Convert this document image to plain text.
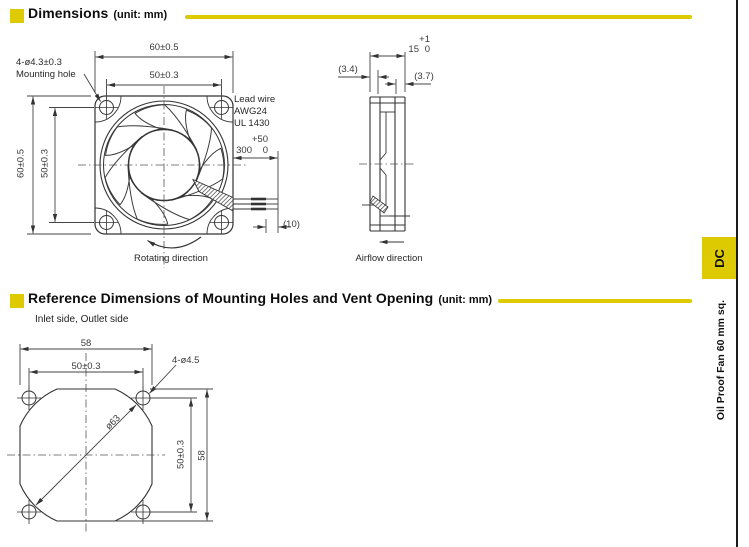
Dimensions (unit: mm)
Reference Dimensions of Mounting Holes and Vent Opening (unit: mm)
Inlet side, Outlet side
60±0.5
50±0.3
60±0.5 50±0.3
4-ø4.3±0.3
Mounting hole
Lead wire
AWG24
UL 1430
300
+50
0
(10)
Rotating direction
15
+1
0
(3.4)
(3.7)
Airflow direction
58
50±0.3
4-ø4.5
ø63
50±0.3 58
DC
Oil Proof Fan 60 mm sq.
